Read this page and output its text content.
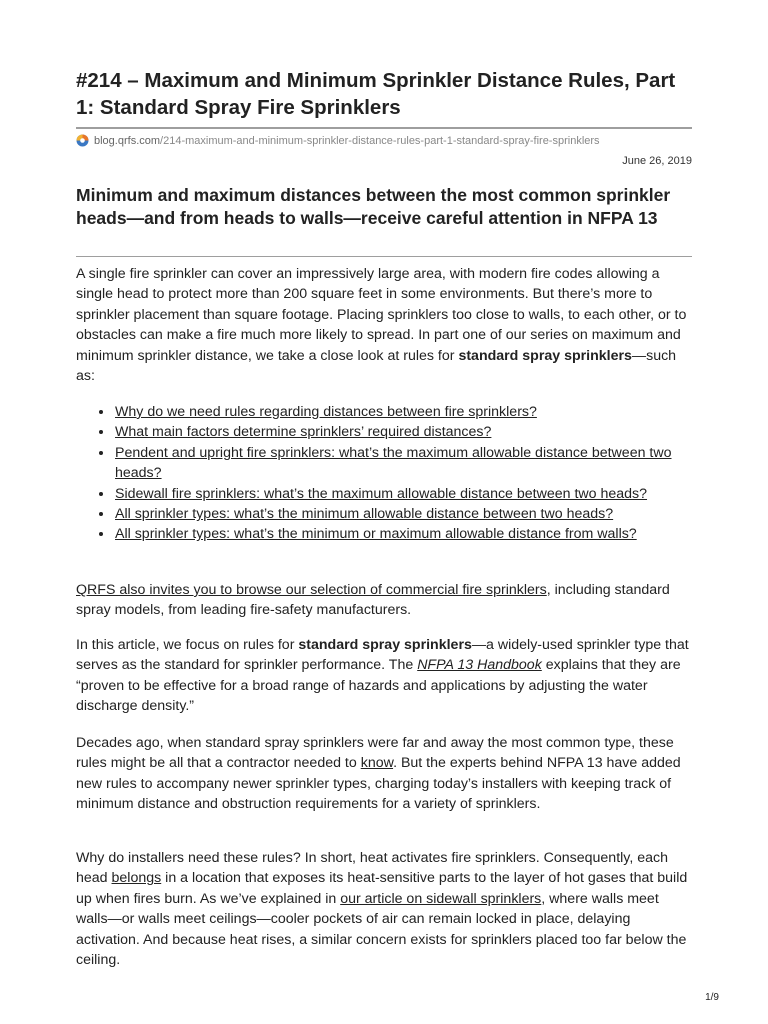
#214 – Maximum and Minimum Sprinkler Distance Rules, Part 1: Standard Spray Fire Sprinklers
blog.qrfs.com/214-maximum-and-minimum-sprinkler-distance-rules-part-1-standard-spray-fire-sprinklers
June 26, 2019
Minimum and maximum distances between the most common sprinkler heads—and from heads to walls—receive careful attention in NFPA 13

A single fire sprinkler can cover an impressively large area, with modern fire codes allowing a single head to protect more than 200 square feet in some environments. But there’s more to sprinkler placement than square footage. Placing sprinklers too close to walls, to each other, or to obstacles can make a fire much more likely to spread. In part one of our series on maximum and minimum sprinkler distance, we take a close look at rules for standard spray sprinklers—such as:

• Why do we need rules regarding distances between fire sprinklers?
• What main factors determine sprinklers’ required distances?
• Pendent and upright fire sprinklers: what’s the maximum allowable distance between two heads?
• Sidewall fire sprinklers: what’s the maximum allowable distance between two heads?
• All sprinkler types: what’s the minimum allowable distance between two heads?
• All sprinkler types: what’s the minimum or maximum allowable distance from walls?

QRFS also invites you to browse our selection of commercial fire sprinklers, including standard spray models, from leading fire-safety manufacturers.

In this article, we focus on rules for standard spray sprinklers—a widely-used sprinkler type that serves as the standard for sprinkler performance. The NFPA 13 Handbook explains that they are “proven to be effective for a broad range of hazards and applications by adjusting the water discharge density.”

Decades ago, when standard spray sprinklers were far and away the most common type, these rules might be all that a contractor needed to know. But the experts behind NFPA 13 have added new rules to accompany newer sprinkler types, charging today’s installers with keeping track of minimum distance and obstruction requirements for a variety of sprinklers.

Why do installers need these rules? In short, heat activates fire sprinklers. Consequently, each head belongs in a location that exposes its heat-sensitive parts to the layer of hot gases that build up when fires burn. As we’ve explained in our article on sidewall sprinklers, where walls meet walls—or walls meet ceilings—cooler pockets of air can remain locked in place, delaying activation. And because heat rises, a similar concern exists for sprinklers placed too far below the ceiling.

1/9
